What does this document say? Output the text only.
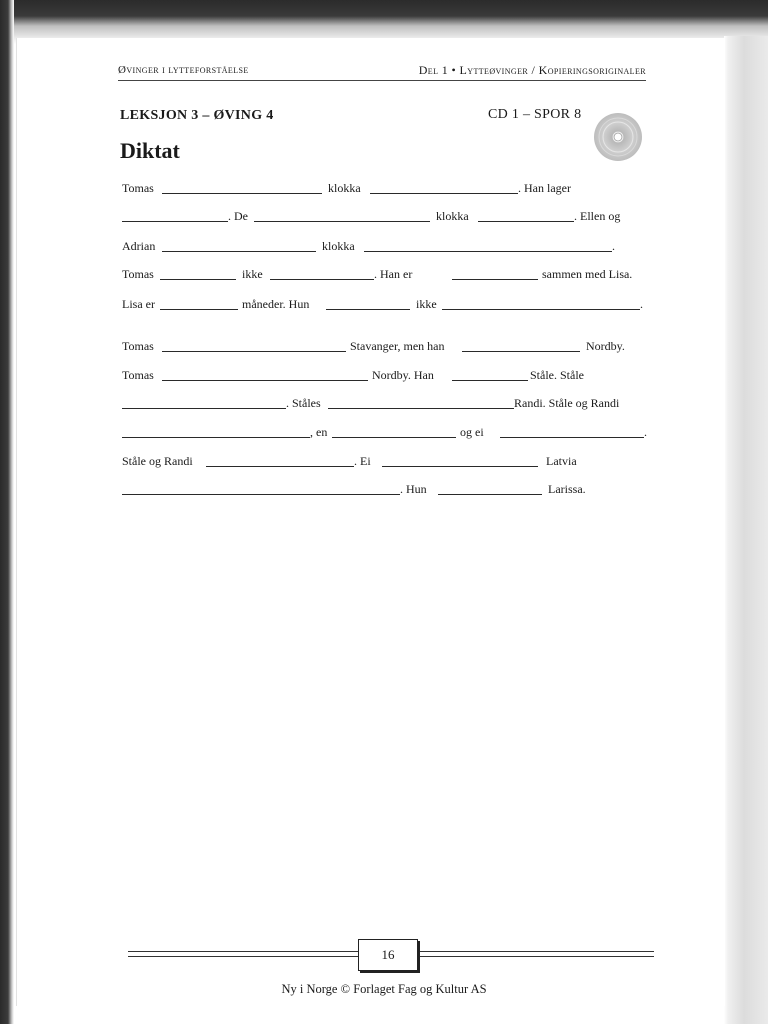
Øvinger i lytteforståelse	Del 1 • Lytteøvinger / Kopieringsoriginaler
LEKSJON 3 – ØVING 4	CD 1 – SPOR 8
Diktat
Tomas	klokka	. Han lager
. De	klokka	. Ellen og
Adrian	klokka	.
Tomas	ikke	. Han er	sammen med Lisa.
Lisa er	måneder. Hun	ikke	.
Tomas	Stavanger, men han	Nordby.
Tomas	Nordby. Han	Ståle. Ståle
. Ståles	Randi. Ståle og Randi
, en	og ei	.
Ståle og Randi	. Ei	Latvia
. Hun	Larissa.
16
Ny i Norge © Forlaget Fag og Kultur AS
